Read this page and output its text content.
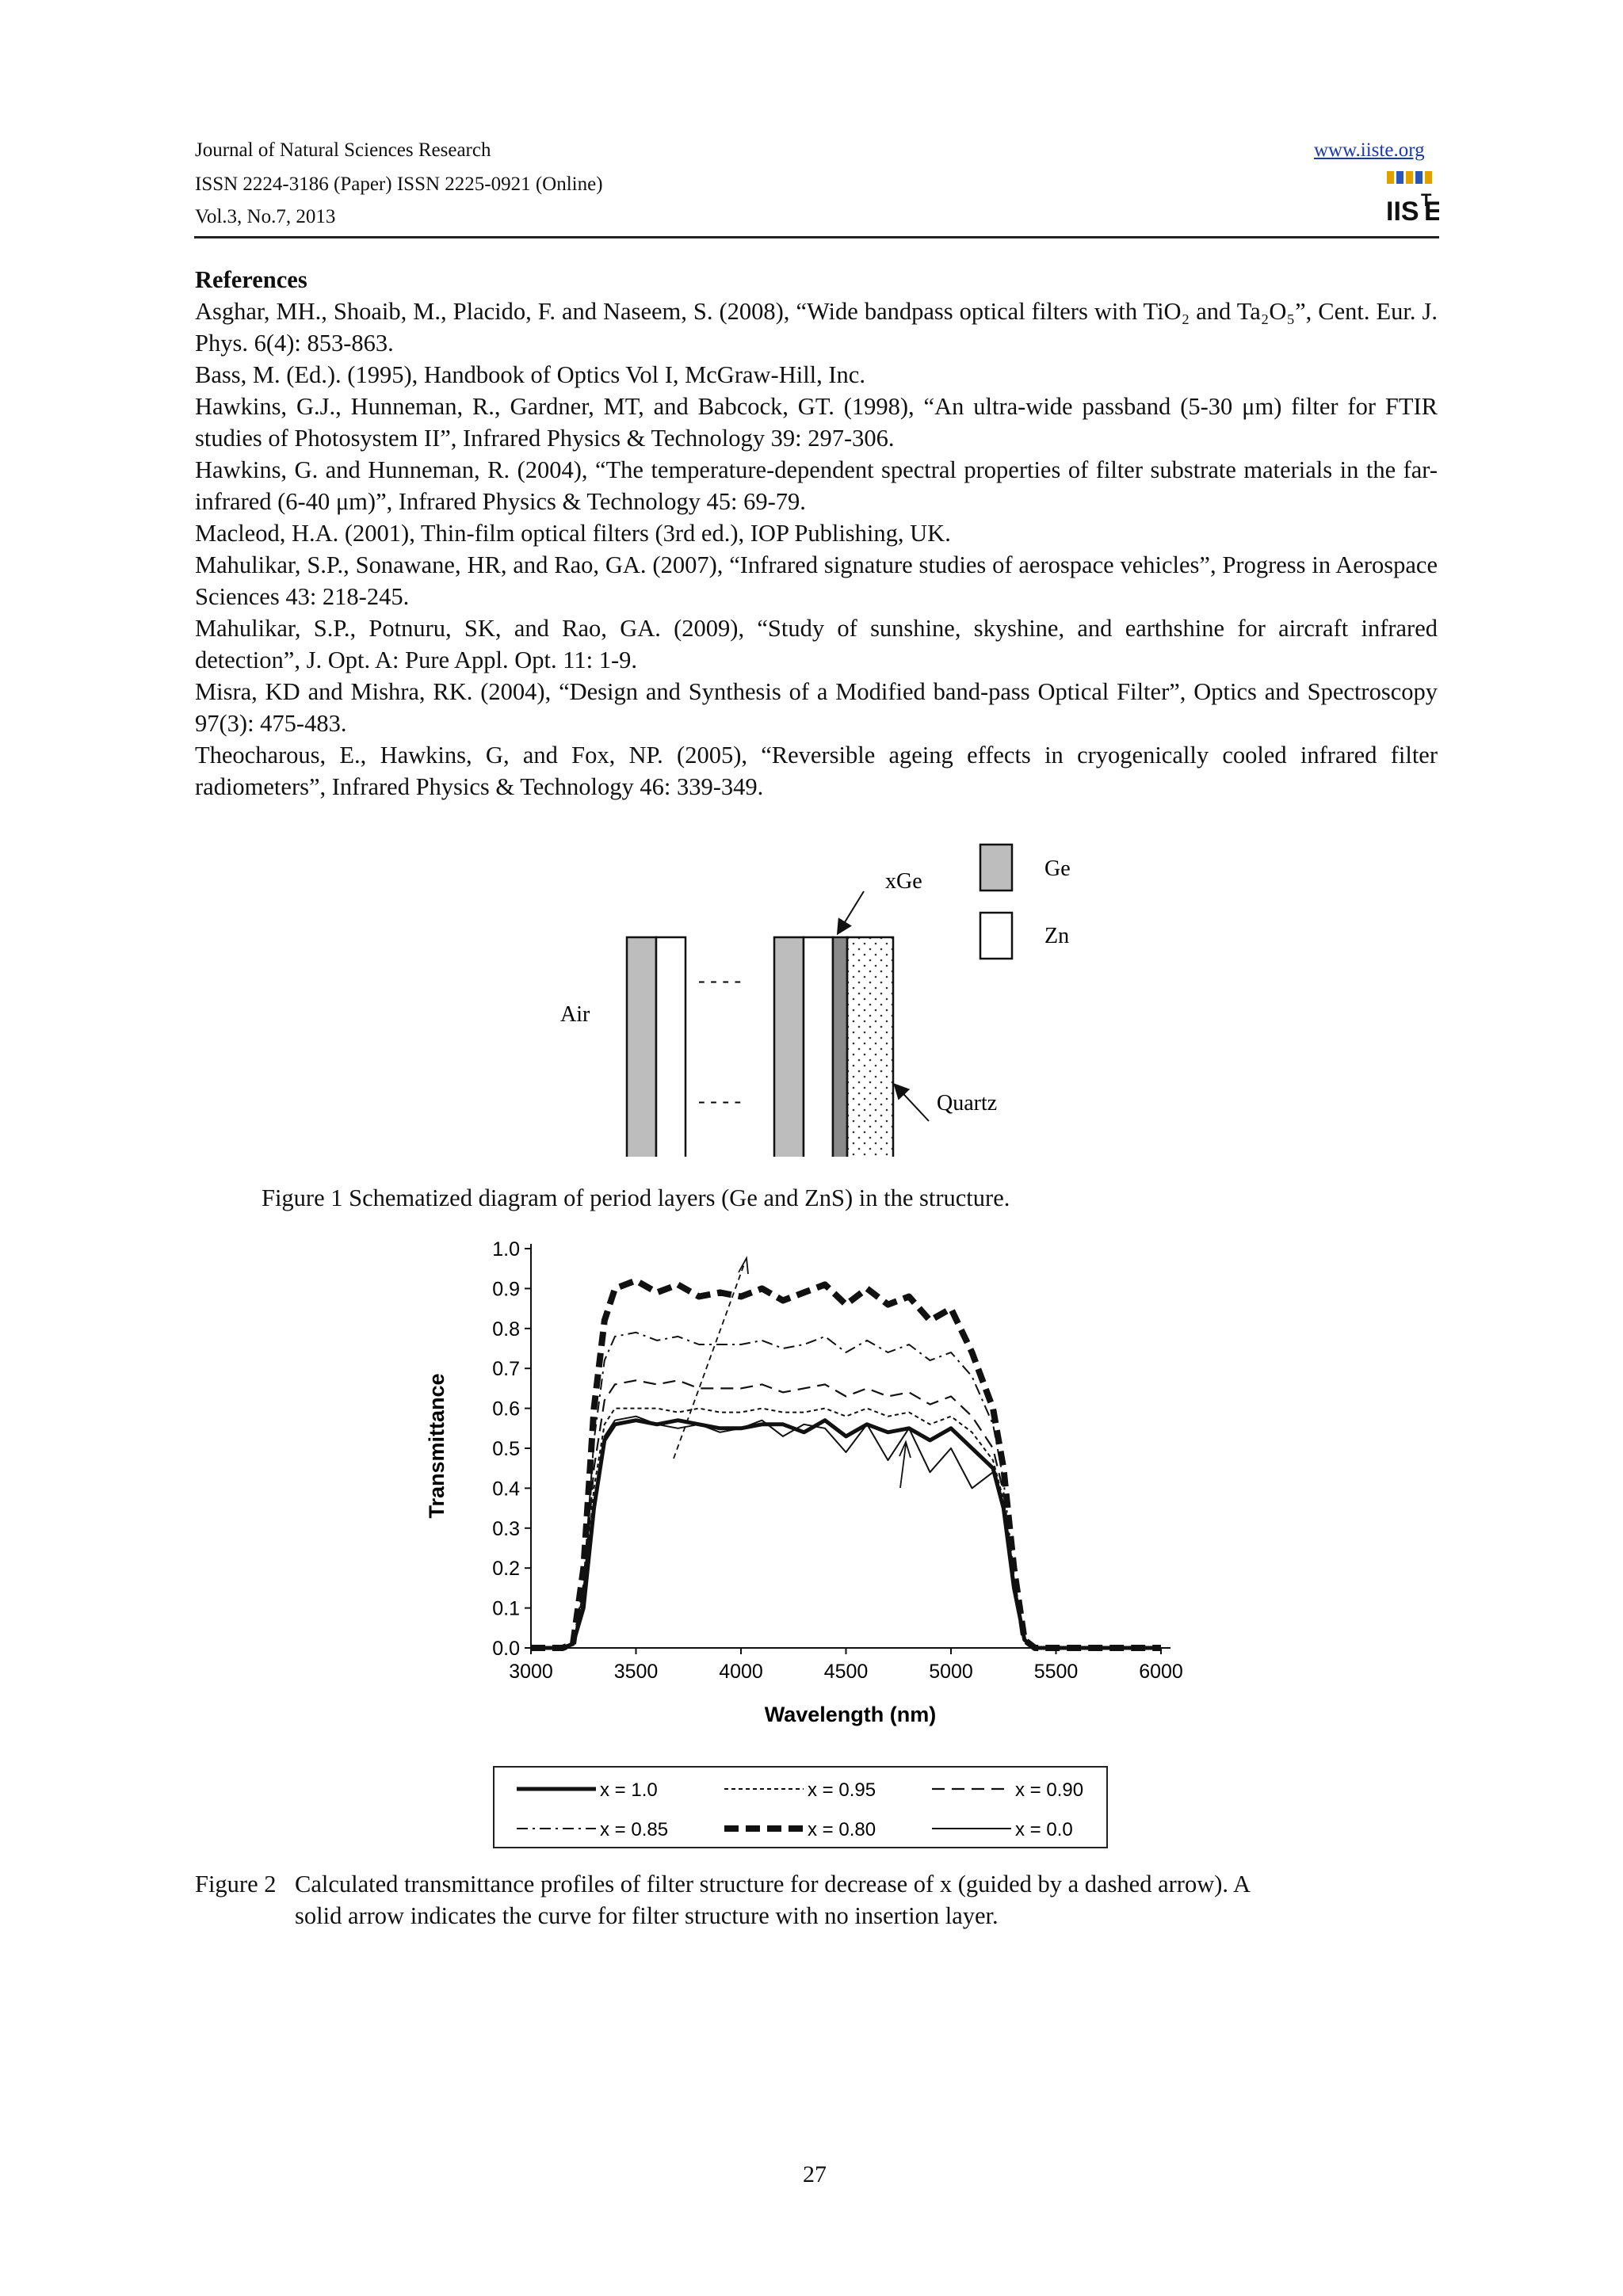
Journal of Natural Sciences Research
ISSN 2224-3186 (Paper) ISSN 2225-0921 (Online)
Vol.3, No.7, 2013
www.iiste.org
IIS E
T

References

Asghar, MH., Shoaib, M., Placido, F. and Naseem, S. (2008), “Wide bandpass optical filters with TiO₂ and Ta₂O₅”, Cent. Eur. J. Phys. 6(4): 853-863.

Bass, M. (Ed.). (1995), Handbook of Optics Vol I, McGraw-Hill, Inc.

Hawkins, G.J., Hunneman, R., Gardner, MT, and Babcock, GT. (1998), “An ultra-wide passband (5-30 μm) filter for FTIR studies of Photosystem II”, Infrared Physics & Technology 39: 297-306.

Hawkins, G. and Hunneman, R. (2004), “The temperature-dependent spectral properties of filter substrate materials in the far-infrared (6-40 μm)”, Infrared Physics & Technology 45: 69-79.

Macleod, H.A. (2001), Thin-film optical filters (3rd ed.), IOP Publishing, UK.

Mahulikar, S.P., Sonawane, HR, and Rao, GA. (2007), “Infrared signature studies of aerospace vehicles”, Progress in Aerospace Sciences 43: 218-245.

Mahulikar, S.P., Potnuru, SK, and Rao, GA. (2009), “Study of sunshine, skyshine, and earthshine for aircraft infrared detection”, J. Opt. A: Pure Appl. Opt. 11: 1-9.

Misra, KD and Mishra, RK. (2004), “Design and Synthesis of a Modified band-pass Optical Filter”, Optics and Spectroscopy 97(3): 475-483.

Theocharous, E., Hawkins, G, and Fox, NP. (2005), “Reversible ageing effects in cryogenically cooled infrared filter radiometers”, Infrared Physics & Technology 46: 339-349.

- - - -
- - - -
Air
xGe
Quartz
Ge
Zn
Figure 1 Schematized diagram of period layers (Ge and ZnS) in the structure.
0.0
0.1
0.2
0.3
0.4
0.5
0.6
0.7
0.8
0.9
1.0
3000	3500	4000	4500	5000	5500	6000
Wavelength (nm)
Transmittance
x = 1.0	x = 0.95	x = 0.90
x = 0.85	x = 0.80	x = 0.0
Figure 2 Calculated transmittance profiles of filter structure for decrease of x (guided by a dashed arrow). A
solid arrow indicates the curve for filter structure with no insertion layer.
27
